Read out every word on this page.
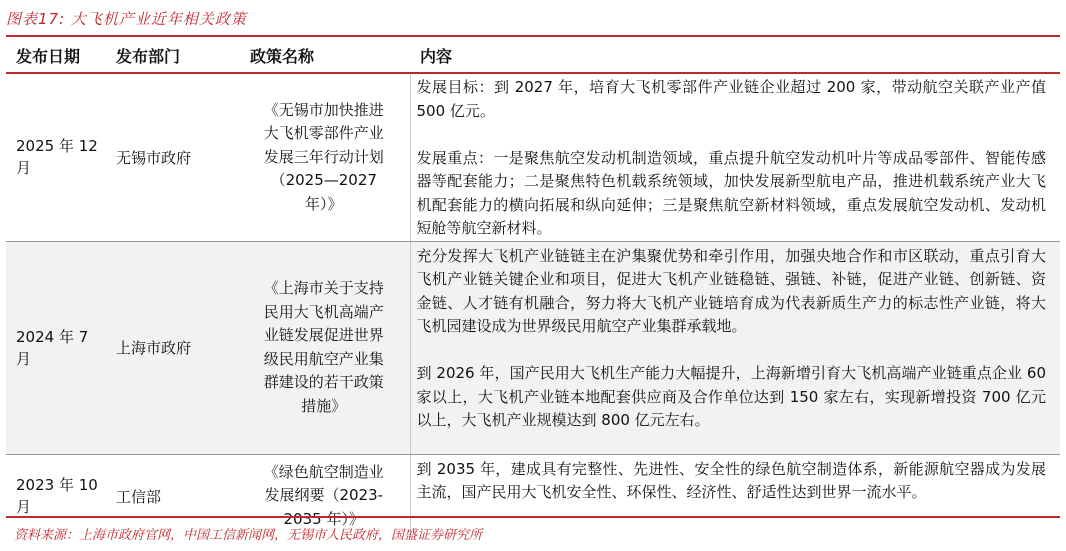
图表17: 大飞机产业近年相关政策
发布日期	发布部门	政策名称	内容
2025 年 12 月	无锡市政府	《无锡市加快推进大飞机零部件产业发展三年行动计划（2025—2027 年）》	发展目标：到 2027 年，培育大飞机零部件产业链企业超过 200 家，带动航空关联产业产值 500 亿元。

发展重点：一是聚焦航空发动机制造领域，重点提升航空发动机叶片等成品零部件、智能传感器等配套能力；二是聚焦特色机载系统领域，加快发展新型航电产品，推进机载系统产业大飞机配套能力的横向拓展和纵向延伸；三是聚焦航空新材料领域，重点发展航空发动机、发动机短舱等航空新材料。

2024 年 7 月	上海市政府	《上海市关于支持民用大飞机高端产业链发展促进世界级民用航空产业集群建设的若干政策措施》	充分发挥大飞机产业链链主在沪集聚优势和牵引作用，加强央地合作和市区联动，重点引育大飞机产业链关键企业和项目，促进大飞机产业链稳链、强链、补链，促进产业链、创新链、资金链、人才链有机融合，努力将大飞机产业链培育成为代表新质生产力的标志性产业链，将大飞机园建设成为世界级民用航空产业集群承载地。

到 2026 年，国产民用大飞机生产能力大幅提升，上海新增引育大飞机高端产业链重点企业 60 家以上，大飞机产业链本地配套供应商及合作单位达到 150 家左右，实现新增投资 700 亿元以上，大飞机产业规模达到 800 亿元左右。

2023 年 10 月	工信部	《绿色航空制造业发展纲要（2023-2035 年）》	到 2035 年，建成具有完整性、先进性、安全性的绿色航空制造体系，新能源航空器成为发展主流，国产民用大飞机安全性、环保性、经济性、舒适性达到世界一流水平。

资料来源：上海市政府官网，中国工信新闻网，无锡市人民政府，国盛证券研究所
